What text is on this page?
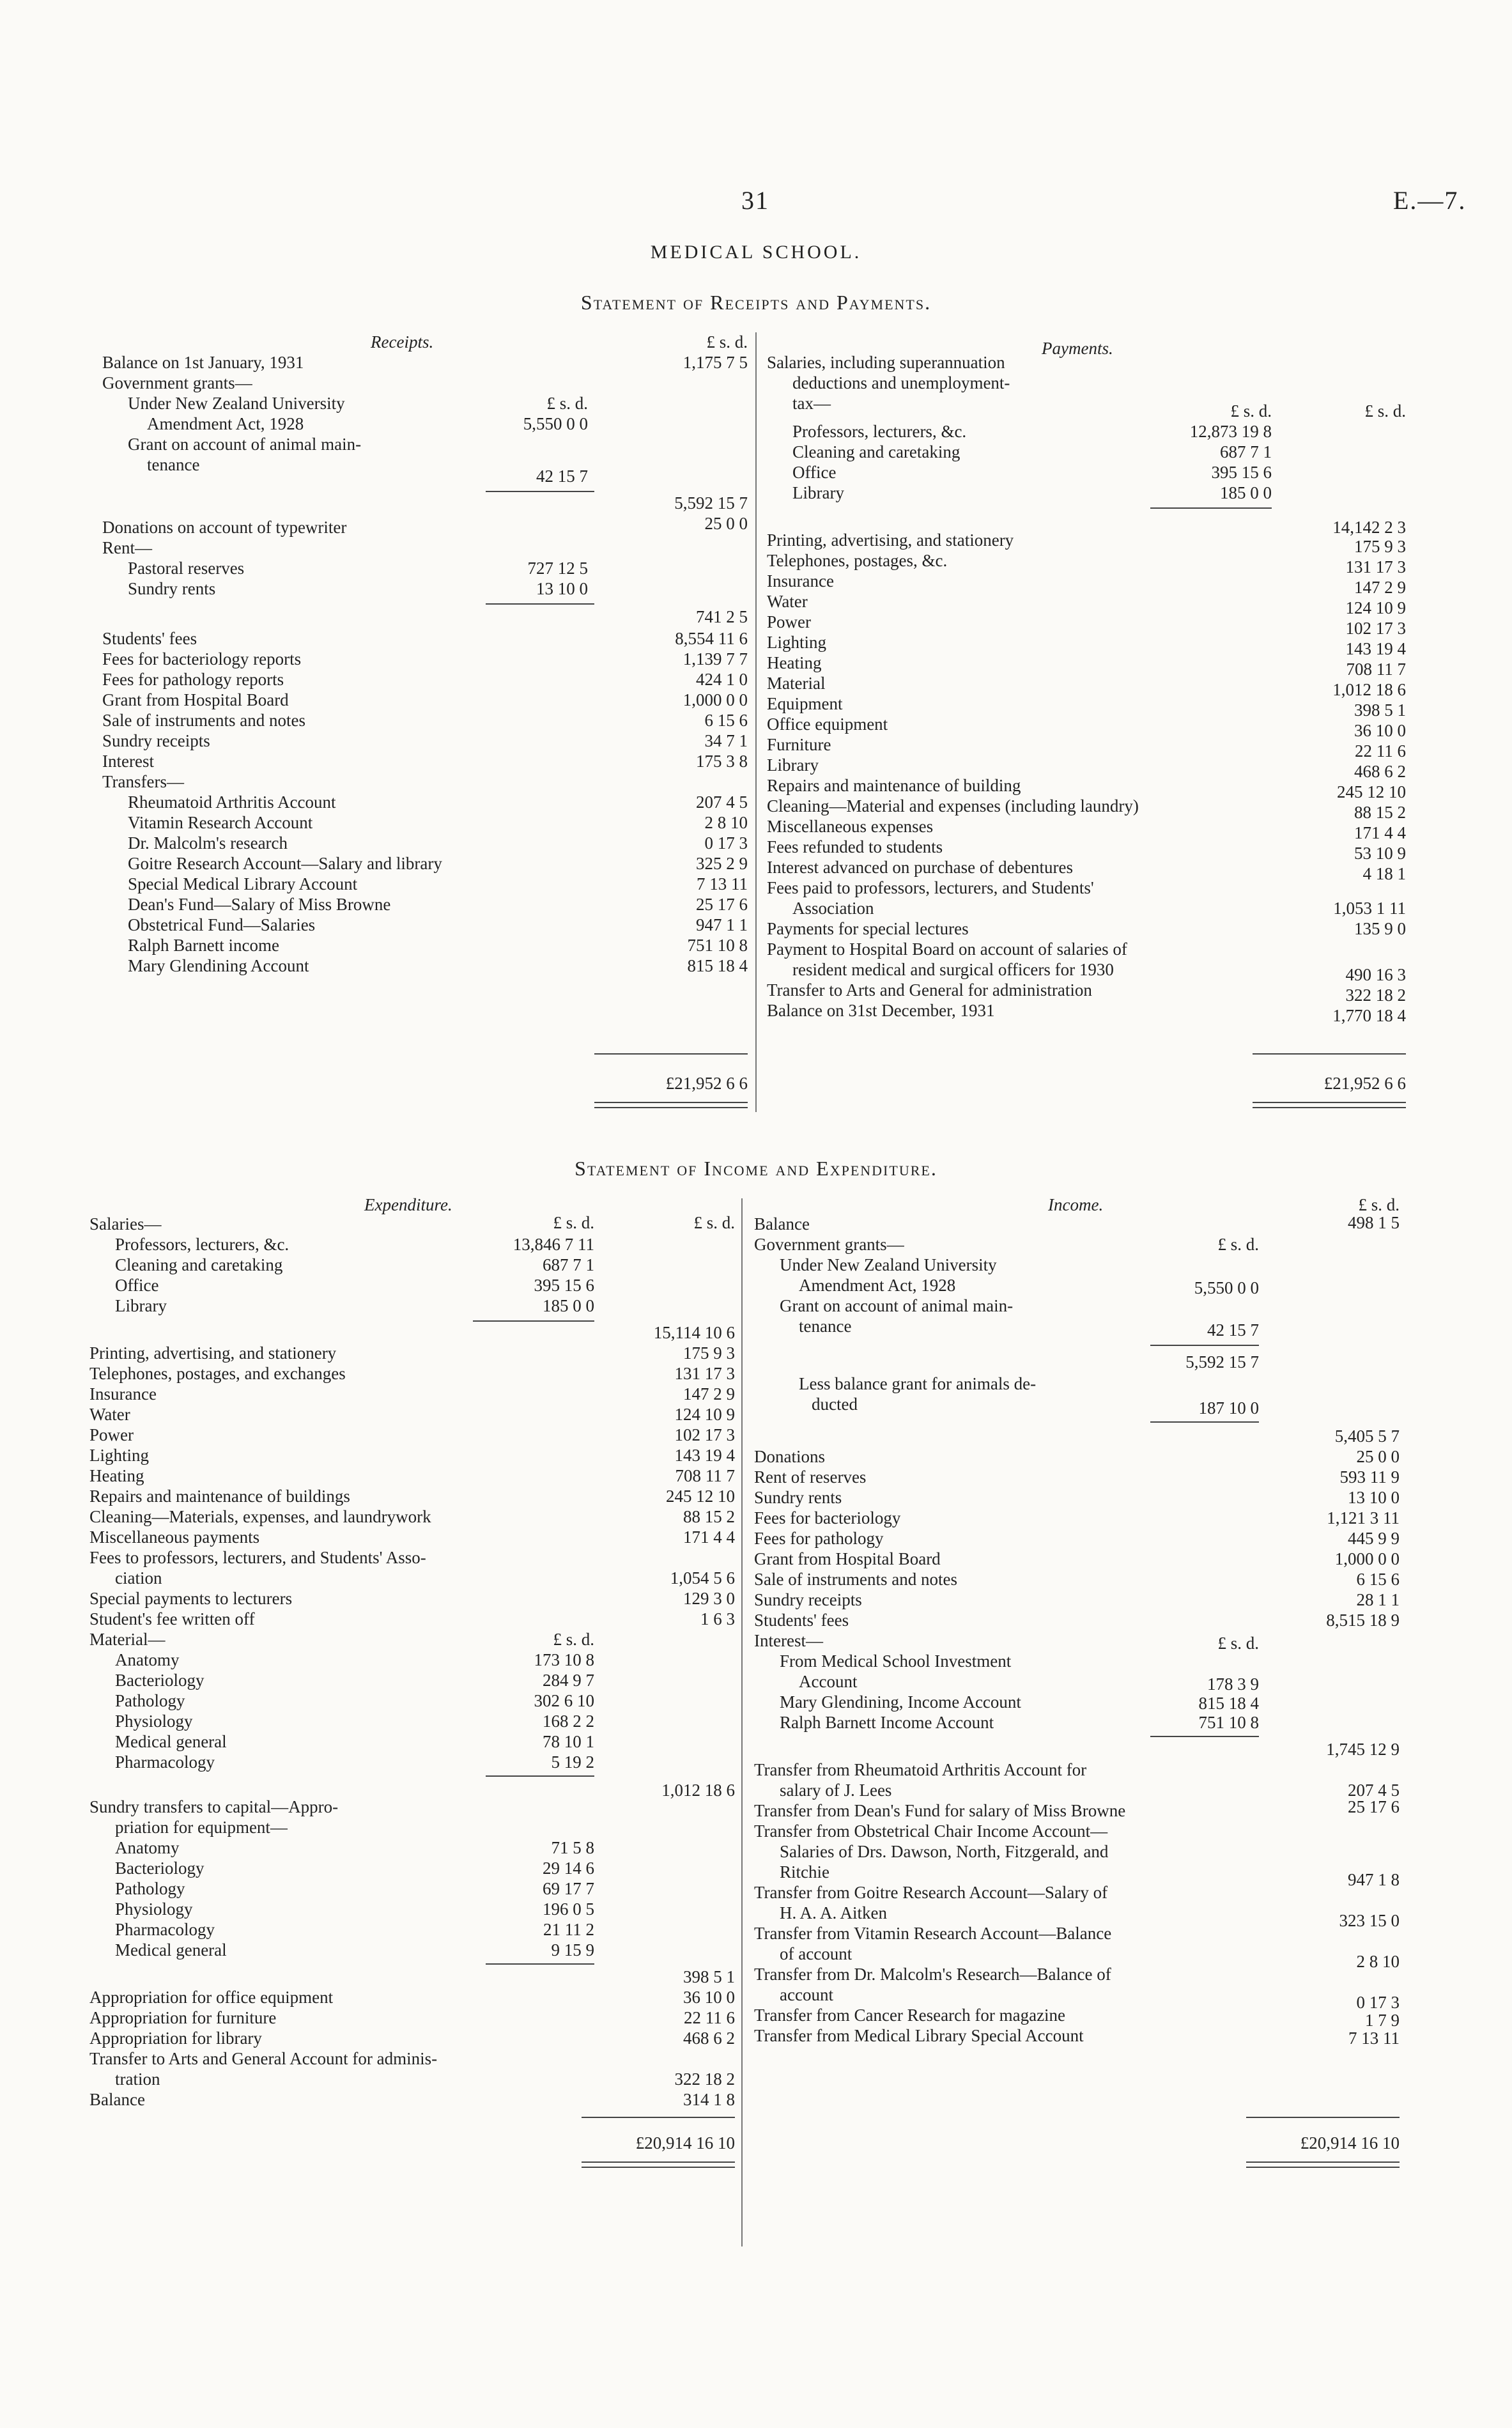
31	E.—7.
MEDICAL SCHOOL.
Statement of Receipts and Payments.
Receipts.	£ s. d.
Balance on 1st January, 1931	1,175 7 5
Government grants—
Under New Zealand University	£ s. d.
Amendment Act, 1928	5,550 0 0
Grant on account of animal main-
tenance
42 15 7
5,592 15 7
Donations on account of typewriter	25 0 0
Rent—
Pastoral reserves	727 12 5
Sundry rents	13 10 0
741 2 5
Students' fees	8,554 11 6
Fees for bacteriology reports	1,139 7 7
Fees for pathology reports	424 1 0
Grant from Hospital Board	1,000 0 0
Sale of instruments and notes	6 15 6
Sundry receipts	34 7 1
Interest	175 3 8
Transfers—
Rheumatoid Arthritis Account	207 4 5
Vitamin Research Account	2 8 10
Dr. Malcolm's research	0 17 3
Goitre Research Account—Salary and library	325 2 9
Special Medical Library Account	7 13 11
Dean's Fund—Salary of Miss Browne	25 17 6
Obstetrical Fund—Salaries	947 1 1
Ralph Barnett income	751 10 8
Mary Glendining Account	815 18 4
£21,952 6 6
Payments.
Salaries, including superannuation
deductions and unemployment-
tax—	£ s. d.	£ s. d.
Professors, lecturers, &c.	12,873 19 8
Cleaning and caretaking	687 7 1
Office	395 15 6
Library	185 0 0
14,142 2 3
Printing, advertising, and stationery	175 9 3
Telephones, postages, &c.	131 17 3
Insurance	147 2 9
Water	124 10 9
Power	102 17 3
Lighting	143 19 4
Heating	708 11 7
Material	1,012 18 6
Equipment	398 5 1
Office equipment	36 10 0
Furniture	22 11 6
Library	468 6 2
Repairs and maintenance of building	245 12 10
Cleaning—Material and expenses (including laundry)	88 15 2
Miscellaneous expenses	171 4 4
Fees refunded to students	53 10 9
Interest advanced on purchase of debentures	4 18 1
Fees paid to professors, lecturers, and Students'
Association	1,053 1 11
Payments for special lectures	135 9 0
Payment to Hospital Board on account of salaries of
resident medical and surgical officers for 1930	490 16 3
Transfer to Arts and General for administration	322 18 2
Balance on 31st December, 1931	1,770 18 4
£21,952 6 6
Statement of Income and Expenditure.
Expenditure.
£ s. d.	£ s. d.
Salaries—
Professors, lecturers, &c.	13,846 7 11
Cleaning and caretaking	687 7 1
Office	395 15 6
Library	185 0 0
15,114 10 6
Printing, advertising, and stationery	175 9 3
Telephones, postages, and exchanges	131 17 3
Insurance	147 2 9
Water	124 10 9
Power	102 17 3
Lighting	143 19 4
Heating	708 11 7
Repairs and maintenance of buildings	245 12 10
Cleaning—Materials, expenses, and laundrywork	88 15 2
Miscellaneous payments	171 4 4
Fees to professors, lecturers, and Students' Asso-
ciation	1,054 5 6
Special payments to lecturers	129 3 0
Student's fee written off	1 6 3
Material—	£ s. d.
Anatomy	173 10 8
Bacteriology	284 9 7
Pathology	302 6 10
Physiology	168 2 2
Medical general	78 10 1
Pharmacology	5 19 2
1,012 18 6
Sundry transfers to capital—Appro-
priation for equipment—
Anatomy	71 5 8
Bacteriology	29 14 6
Pathology	69 17 7
Physiology	196 0 5
Pharmacology	21 11 2
Medical general	9 15 9
398 5 1
Appropriation for office equipment	36 10 0
Appropriation for furniture	22 11 6
Appropriation for library	468 6 2
Transfer to Arts and General Account for adminis-
tration	322 18 2
Balance	314 1 8
£20,914 16 10
Income.	£ s. d.
Balance	498 1 5
Government grants—	£ s. d.
Under New Zealand University
Amendment Act, 1928	5,550 0 0
Grant on account of animal main-
tenance	42 15 7
5,592 15 7
Less balance grant for animals de-
ducted	187 10 0
5,405 5 7
Donations	25 0 0
Rent of reserves	593 11 9
Sundry rents	13 10 0
Fees for bacteriology	1,121 3 11
Fees for pathology	445 9 9
Grant from Hospital Board	1,000 0 0
Sale of instruments and notes	6 15 6
Sundry receipts	28 1 1
Students' fees	8,515 18 9
Interest—	£ s. d.
From Medical School Investment
Account	178 3 9
Mary Glendining, Income Account	815 18 4
Ralph Barnett Income Account	751 10 8
1,745 12 9
Transfer from Rheumatoid Arthritis Account for
salary of J. Lees	207 4 5
Transfer from Dean's Fund for salary of Miss Browne	25 17 6
Transfer from Obstetrical Chair Income Account—
Salaries of Drs. Dawson, North, Fitzgerald, and
Ritchie	947 1 8
Transfer from Goitre Research Account—Salary of
H. A. A. Aitken	323 15 0
Transfer from Vitamin Research Account—Balance
of account	2 8 10
Transfer from Dr. Malcolm's Research—Balance of
account	0 17 3
Transfer from Cancer Research for magazine	1 7 9
Transfer from Medical Library Special Account	7 13 11
£20,914 16 10
